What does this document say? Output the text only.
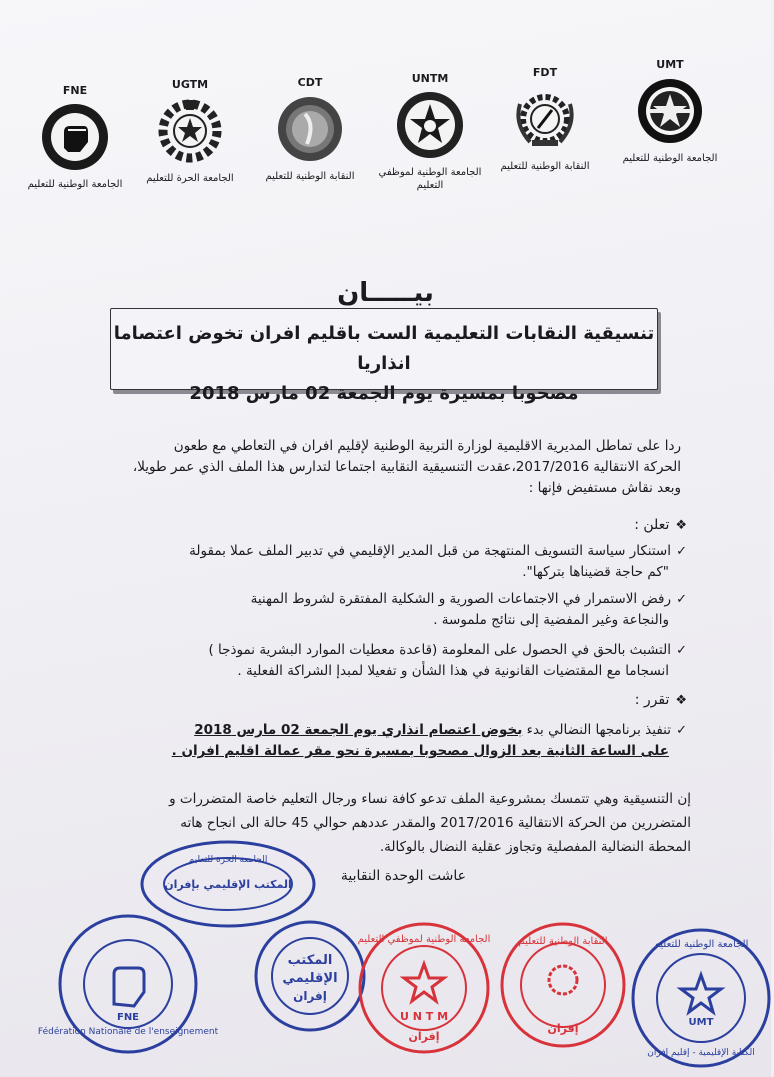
UMT
الجامعة الوطنية للتعليم
FDT
النقابة الوطنية للتعليم
UNTM
الجامعة الوطنية لموظفي التعليم
CDT
النقابة الوطنية للتعليم
UGTM
الجامعة الحرة للتعليم
FNE
الجامعة الوطنية للتعليم
بيـــــان
تنسيقية النقابات التعليمية الست باقليم افران تخوض اعتصاما انذاريا
مصحوبا بمسيرة يوم الجمعة 02 مارس 2018

ردا على تماطل المديرية الاقليمية لوزارة التربية الوطنية لإقليم افران في التعاطي مع طعون

الحركة الانتقالية 2017/2016،عقدت التنسيقية النقابية اجتماعا لتدارس هذا الملف الذي عمر طويلا،

وبعد نقاش مستفيض فإنها :

❖تعلن :
✓استنكار سياسة التسويف المنتهجة من قبل المدير الإقليمي في تدبير الملف عملا بمقولة
"كم حاجة قضيناها بتركها".
✓رفض الاستمرار في الاجتماعات الصورية و الشكلية المفتقرة لشروط المهنية
والنجاعة وغير المفضية إلى نتائج ملموسة .
✓التشبث بالحق في الحصول على المعلومة (قاعدة معطيات الموارد البشرية نموذجا )
انسجاما مع المقتضيات القانونية في هذا الشأن و تفعيلا لمبدإ الشراكة الفعلية .
❖تقرر :
✓تنفيذ برنامجها النضالي بدء بخوض اعتصام انذاري يوم الجمعة 02 مارس 2018
على الساعة الثانية بعد الزوال مصحوبا بمسيرة نحو مقر عمالة اقليم افران .
إن التنسيقية وهي تتمسك بمشروعية الملف تدعو كافة نساء ورجال التعليم خاصة المتضررات و
المتضررين من الحركة الانتقالية 2017/2016 والمقدر عددهم حوالي 45 حالة الى انجاح هاته
المحطة النضالية المفصلية وتجاوز عقلية النضال بالوكالة.
عاشت الوحدة النقابية
الجامعة الحرة للتعليم
المكتب الإقليمي بإفران
Fédération Nationale de l'enseignement
FNE
المكتب
الإقليمي
إفران
الجامعة الوطنية لموظفي التعليم
U N T M
إفران
النقابة الوطنية للتعليم
إفران
الجامعة الوطنية للتعليم
UMT
الكتابة الإقليمية - إقليم إفران
